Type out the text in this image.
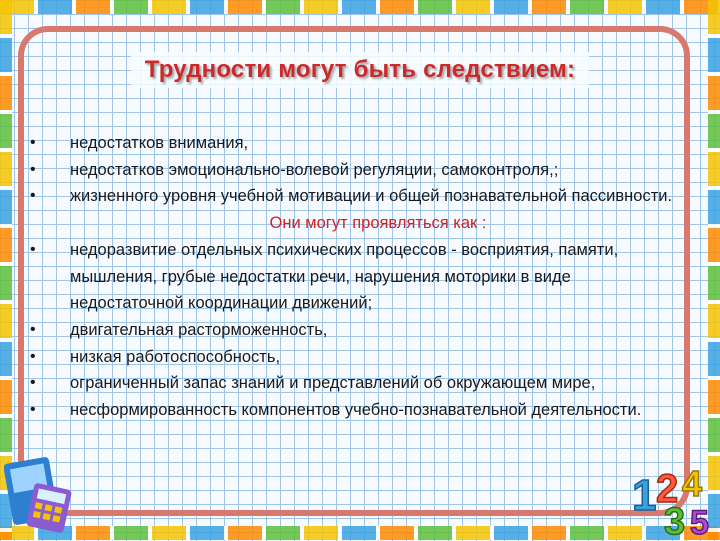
Трудности могут быть следствием:
• недостатков внимания,
• недостатков эмоционально-волевой регуляции, самоконтроля,;
• жизненного уровня учебной мотивации и общей познавательной пассивности.
Они могут проявляться как :
• недоразвитие отдельных психических процессов - восприятия, памяти, мышления, грубые недостатки речи, нарушения моторики в виде недостаточной координации движений;
• двигательная расторможенность,
• низкая работоспособность,
• ограниченный запас знаний и представлений об окружающем мире,
• несформированность компонентов учебно-познавательной деятельности.
1 2 4
3 5
